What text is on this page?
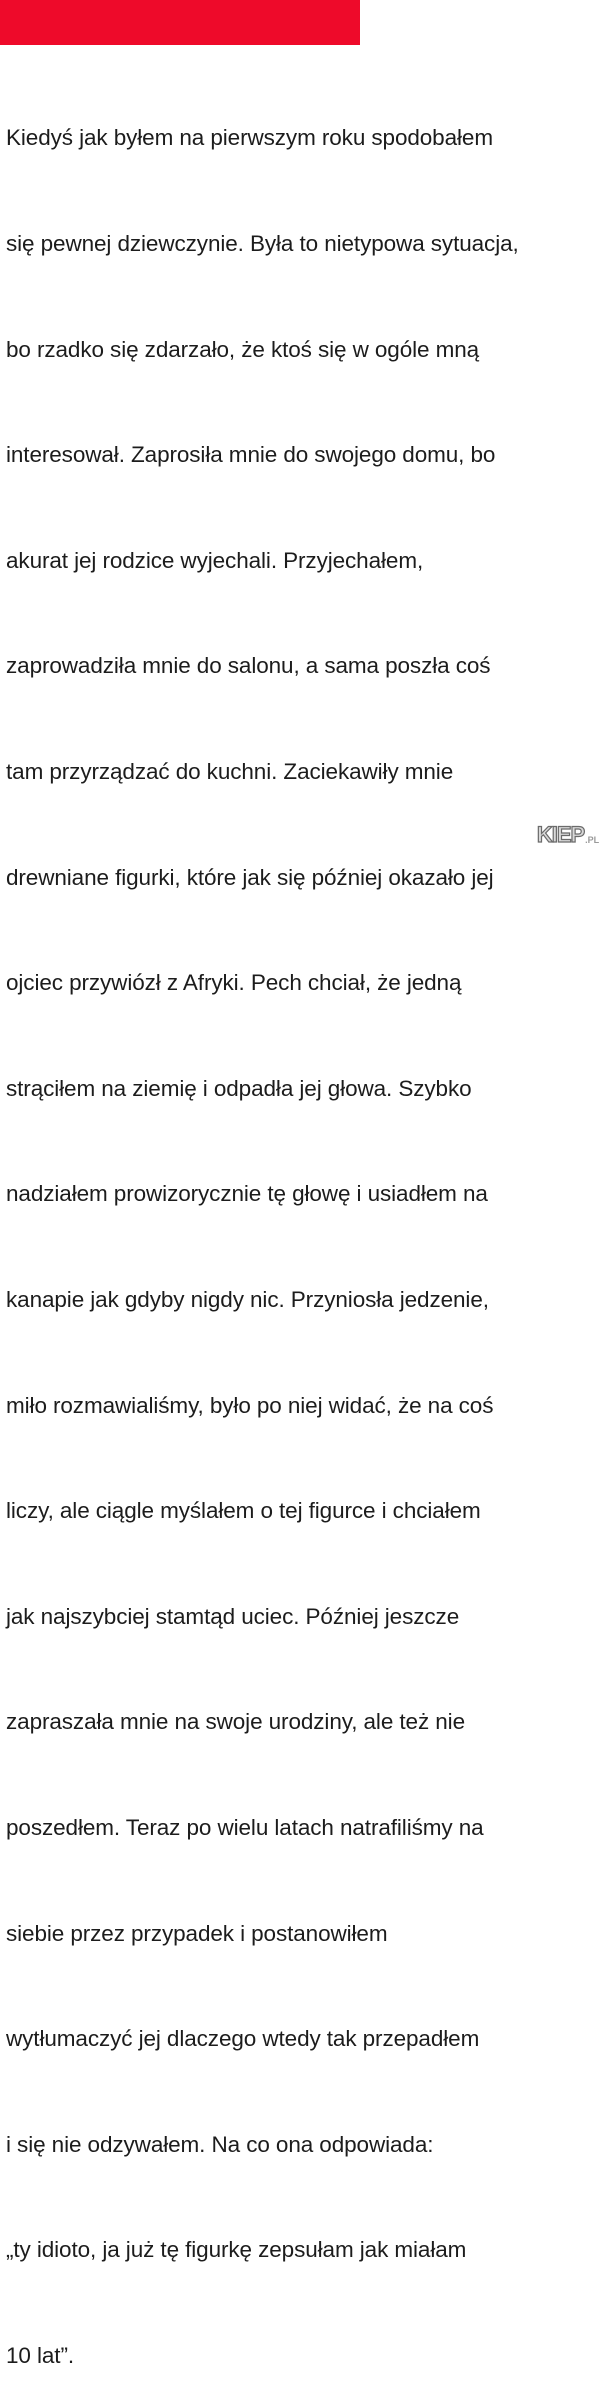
Kiedyś jak byłem na pierwszym roku spodobałem

się pewnej dziewczynie. Była to nietypowa sytuacja,

bo rzadko się zdarzało, że ktoś się w ogóle mną

interesował. Zaprosiła mnie do swojego domu, bo

akurat jej rodzice wyjechali. Przyjechałem,

zaprowadziła mnie do salonu, a sama poszła coś

tam przyrządzać do kuchni. Zaciekawiły mnie

drewniane figurki, które jak się później okazało jej

ojciec przywiózł z Afryki. Pech chciał, że jedną

strąciłem na ziemię i odpadła jej głowa. Szybko

nadziałem prowizorycznie tę głowę i usiadłem na

kanapie jak gdyby nigdy nic. Przyniosła jedzenie,

miło rozmawialiśmy, było po niej widać, że na coś

liczy, ale ciągle myślałem o tej figurce i chciałem

jak najszybciej stamtąd uciec. Później jeszcze

zapraszała mnie na swoje urodziny, ale też nie

poszedłem. Teraz po wielu latach natrafiliśmy na

siebie przez przypadek i postanowiłem

wytłumaczyć jej dlaczego wtedy tak przepadłem

i się nie odzywałem. Na co ona odpowiada:

„ty idioto, ja już tę figurkę zepsułam jak miałam

10 lat”.

KIEP .PL
